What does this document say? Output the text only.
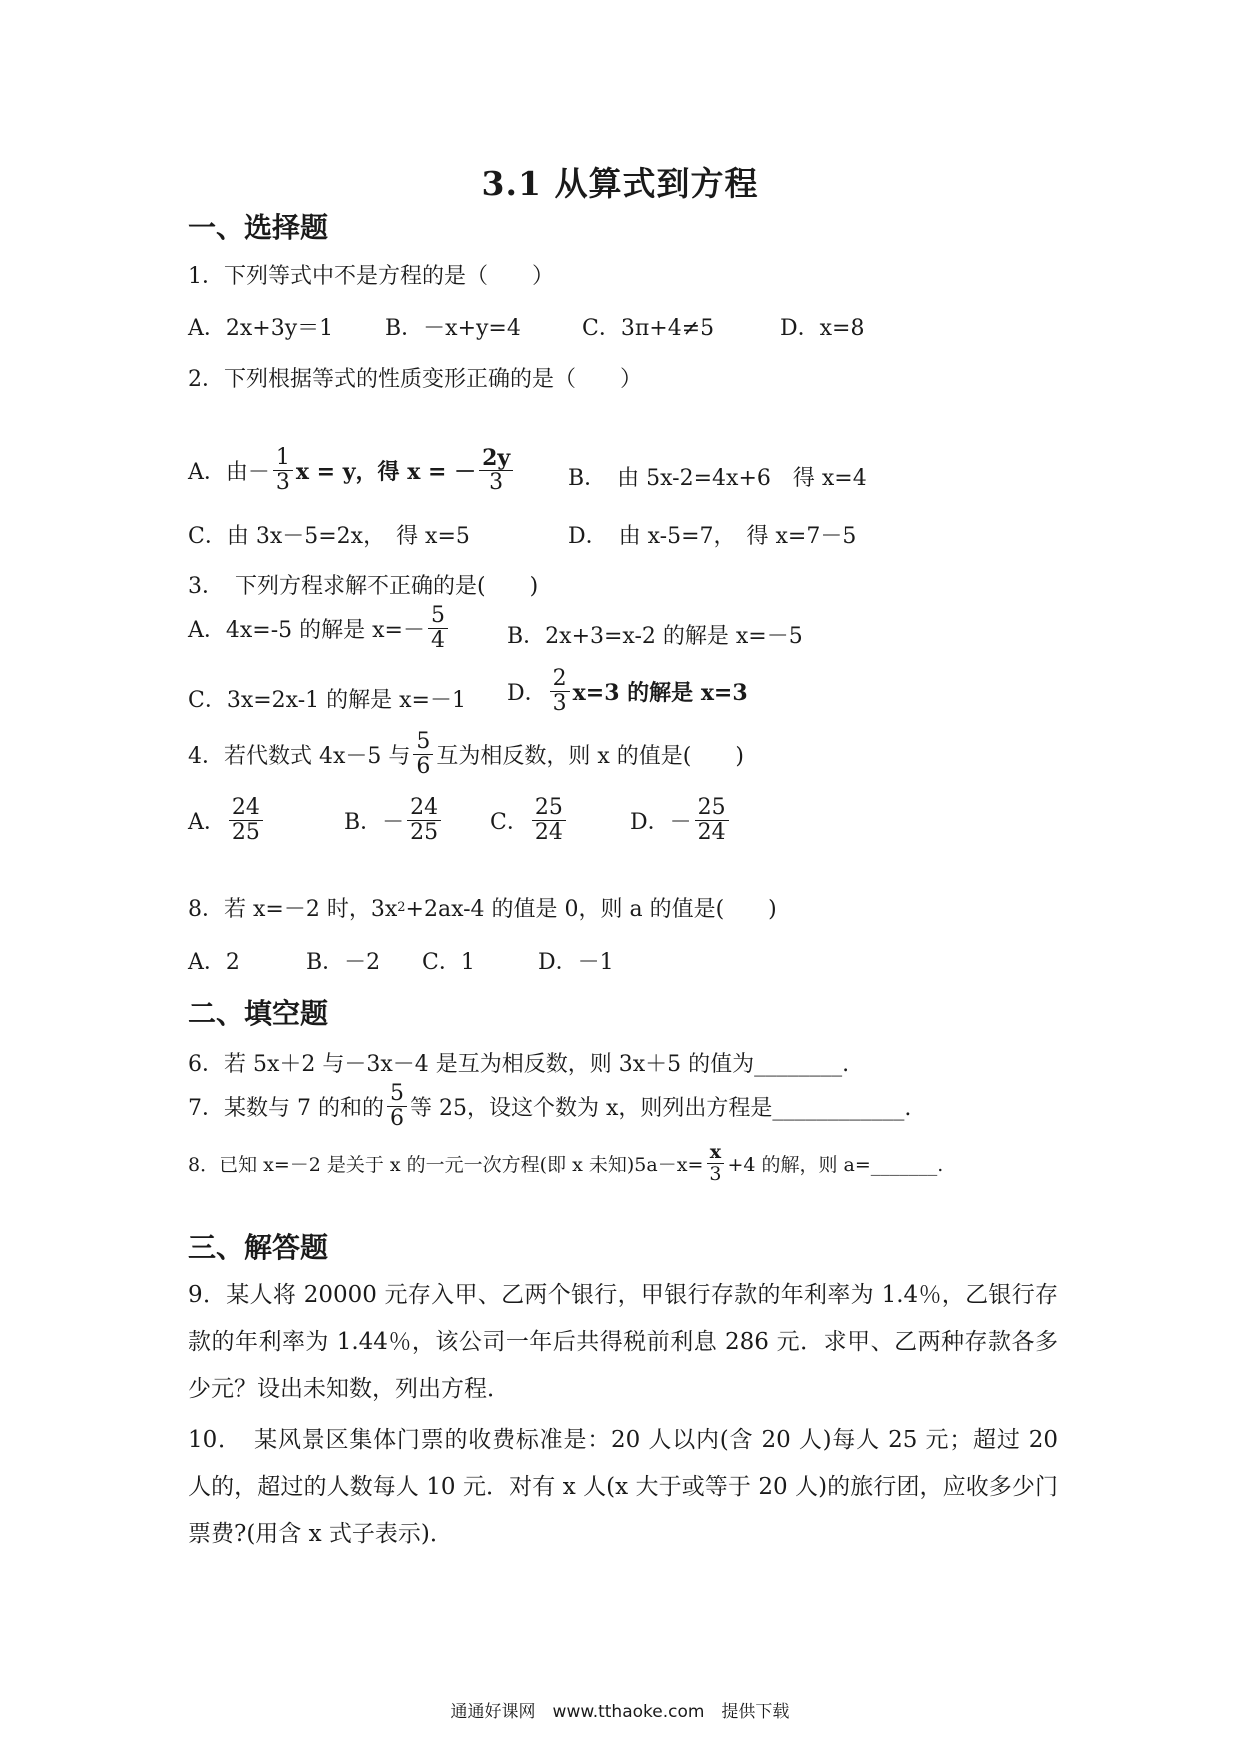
3.1 从算式到方程
一、选择题
1．下列等式中不是方程的是（　　）
A．2x+3y＝1 B．－x+y=4	C．3π+4≠5	D．x=8
2．下列根据等式的性质变形正确的是（　　）
A．由－ $\frac{1}{3}$ x = y，得 x = － $\frac{2y}{3}$ B．　由 5x-2=4x+6　得 x=4
C．由 3x－5=2x，　得 x=5	D．　由 x-5=7，　得 x=7－5
3．　下列方程求解不正确的是(　　)
A．4x=-5 的解是 $x=- \frac{5}{4}$	B．2x+3=x-2 的解是 x=－5
C．3x=2x-1 的解是 x=－1 D． $\frac{2}{3} x=3$ 的解是 x=3
4．若代数式 4x－5 与 $\frac{5}{6}$ 互为相反数，则 x 的值是(　　)
A． $\frac{24}{25}$	B．－ $\frac{24}{25}$ C． $\frac{25}{24}$	D．－ $\frac{25}{24}$
8．若 x=－2 时，3x 2 +2ax-4 的值是 0，则 a 的值是(　　)
A．2	B．－2 C．1	D．－1
二、填空题
6．若 5x＋2 与－3x－4 是互为相反数，则 3x＋5 的值为________.
7．某数与 7 的和的 $\frac{5}{6}$ 等 25，设这个数为 x，则列出方程是____________.
8．已知 x=－2 是关于 x 的一元一次方程(即 x 未知)$5a-x= \frac{x}{3} +4$ 的解，则 a=_______.
三、解答题
9．某人将 20000 元存入甲、乙两个银行，甲银行存款的年利率为 1.4％，乙银行存款的年利率为 1.44％，该公司一年后共得税前利息 286 元．求甲、乙两种存款各多少元？设出未知数，列出方程．
10．　某风景区集体门票的收费标准是：20 人以内(含 20 人)每人 25 元；超过 20 人的，超过的人数每人 10 元．对有 x 人(x 大于或等于 20 人)的旅行团，应收多少门票费?(用含 x 式子表示)．
通通好课网　www.tthaoke.com　提供下载
